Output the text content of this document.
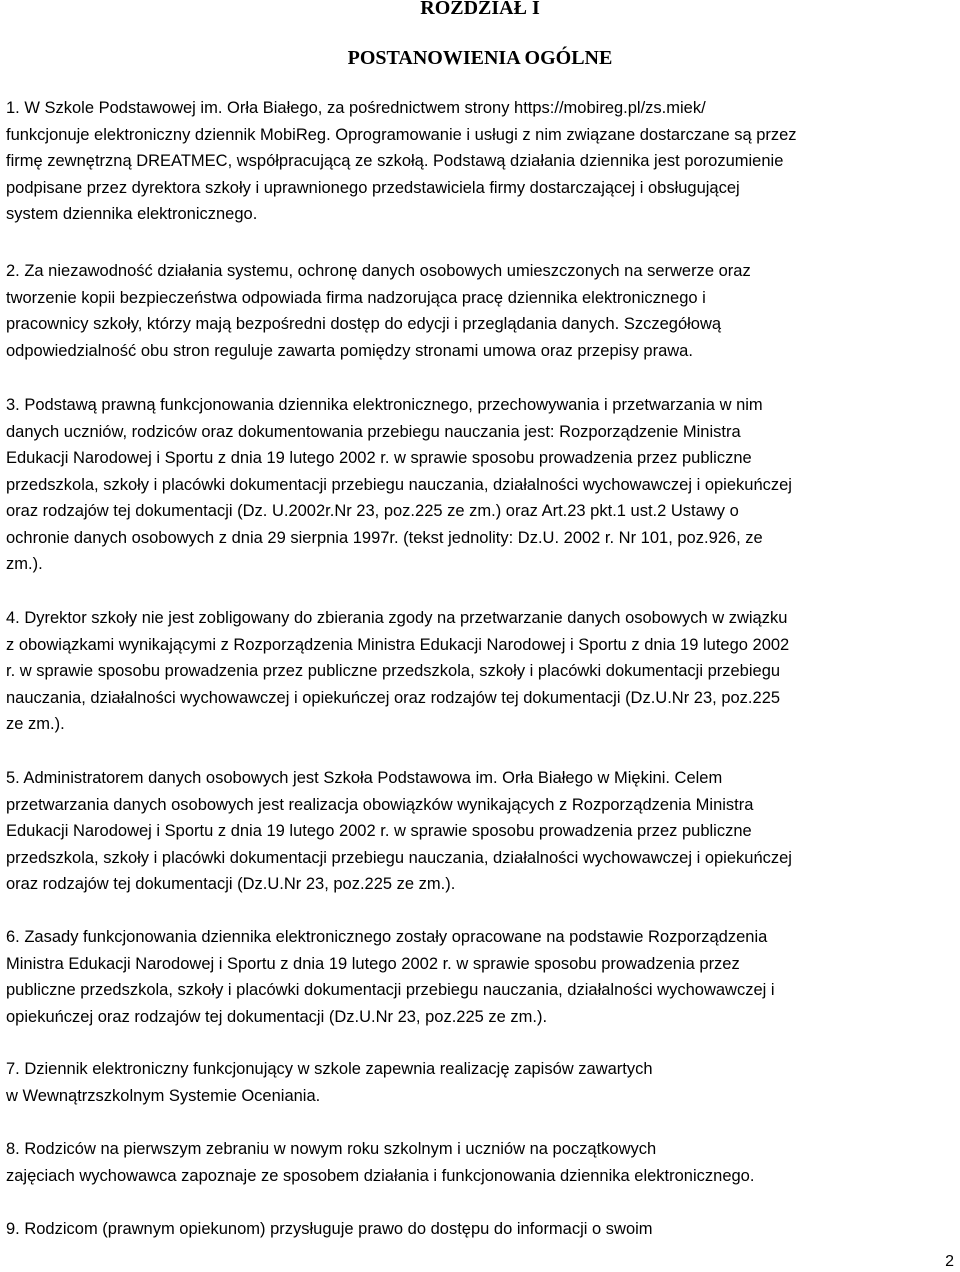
ROZDZIAŁ I
POSTANOWIENIA OGÓLNE

1. W Szkole Podstawowej im. Orła Białego, za pośrednictwem strony https://mobireg.pl/zs.miek/
funkcjonuje elektroniczny dziennik MobiReg. Oprogramowanie i usługi z nim związane dostarczane są przez
firmę zewnętrzną DREATMEC, współpracującą ze szkołą. Podstawą działania dziennika jest porozumienie
podpisane przez dyrektora szkoły i uprawnionego przedstawiciela firmy dostarczającej i obsługującej
system dziennika elektronicznego.

2. Za niezawodność działania systemu, ochronę danych osobowych umieszczonych na serwerze oraz
tworzenie kopii bezpieczeństwa odpowiada firma nadzorująca pracę dziennika elektronicznego i
pracownicy szkoły, którzy mają bezpośredni dostęp do edycji i przeglądania danych. Szczegółową
odpowiedzialność obu stron reguluje zawarta pomiędzy stronami umowa oraz przepisy prawa.

3. Podstawą prawną funkcjonowania dziennika elektronicznego, przechowywania i przetwarzania w nim
danych uczniów, rodziców oraz dokumentowania przebiegu nauczania jest: Rozporządzenie Ministra
Edukacji Narodowej i Sportu z dnia 19 lutego 2002 r. w sprawie sposobu prowadzenia przez publiczne
przedszkola, szkoły i placówki dokumentacji przebiegu nauczania, działalności wychowawczej i opiekuńczej
oraz rodzajów tej dokumentacji (Dz. U.2002r.Nr 23, poz.225 ze zm.) oraz Art.23 pkt.1 ust.2 Ustawy o
ochronie danych osobowych z dnia 29 sierpnia 1997r. (tekst jednolity: Dz.U. 2002 r. Nr 101, poz.926, ze
zm.).

4. Dyrektor szkoły nie jest zobligowany do zbierania zgody na przetwarzanie danych osobowych w związku
z obowiązkami wynikającymi z Rozporządzenia Ministra Edukacji Narodowej i Sportu z dnia 19 lutego 2002
r. w sprawie sposobu prowadzenia przez publiczne przedszkola, szkoły i placówki dokumentacji przebiegu
nauczania, działalności wychowawczej i opiekuńczej oraz rodzajów tej dokumentacji (Dz.U.Nr 23, poz.225
ze zm.).

5. Administratorem danych osobowych jest Szkoła Podstawowa im. Orła Białego w Miękini. Celem
przetwarzania danych osobowych jest realizacja obowiązków wynikających z Rozporządzenia Ministra
Edukacji Narodowej i Sportu z dnia 19 lutego 2002 r. w sprawie sposobu prowadzenia przez publiczne
przedszkola, szkoły i placówki dokumentacji przebiegu nauczania, działalności wychowawczej i opiekuńczej
oraz rodzajów tej dokumentacji (Dz.U.Nr 23, poz.225 ze zm.).

6. Zasady funkcjonowania dziennika elektronicznego zostały opracowane na podstawie Rozporządzenia
Ministra Edukacji Narodowej i Sportu z dnia 19 lutego 2002 r. w sprawie sposobu prowadzenia przez
publiczne przedszkola, szkoły i placówki dokumentacji przebiegu nauczania, działalności wychowawczej i
opiekuńczej oraz rodzajów tej dokumentacji (Dz.U.Nr 23, poz.225 ze zm.).

7. Dziennik elektroniczny funkcjonujący w szkole zapewnia realizację zapisów zawartych
w Wewnątrzszkolnym Systemie Oceniania.

8. Rodziców na pierwszym zebraniu w nowym roku szkolnym i uczniów na początkowych
zajęciach wychowawca zapoznaje ze sposobem działania i funkcjonowania dziennika elektronicznego.

9. Rodzicom (prawnym opiekunom) przysługuje prawo do dostępu do informacji o swoim

2
